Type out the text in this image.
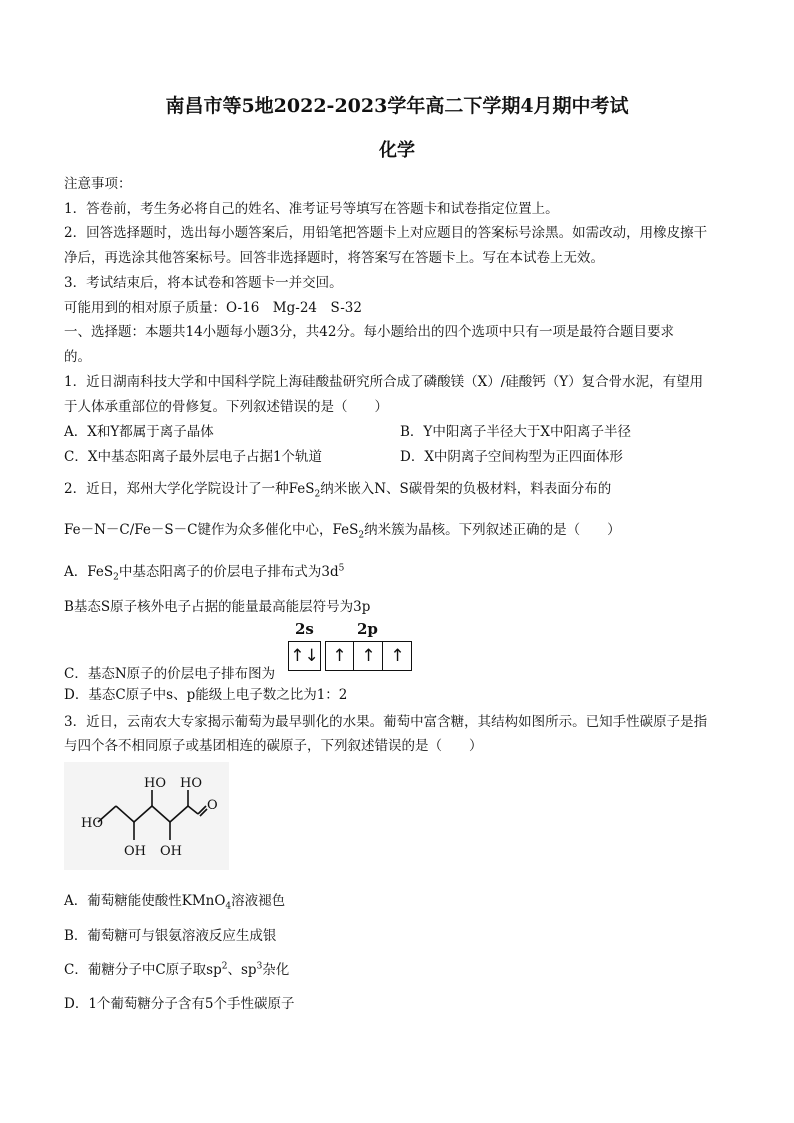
南昌市等5地2022-2023学年高二下学期4月期中考试
化学
注意事项：
1．答卷前，考生务必将自己的姓名、准考证号等填写在答题卡和试卷指定位置上。
2．回答选择题时，选出每小题答案后，用铅笔把答题卡上对应题目的答案标号涂黑。如需改动，用橡皮擦干
净后，再选涂其他答案标号。回答非选择题时，将答案写在答题卡上。写在本试卷上无效。
3．考试结束后，将本试卷和答题卡一并交回。
可能用到的相对原子质量：O-16　Mg-24　S-32
一、选择题：本题共14小题每小题3分，共42分。每小题给出的四个选项中只有一项是最符合题目要求
的。
1．近日湖南科技大学和中国科学院上海硅酸盐研究所合成了磷酸镁（X）/硅酸钙（Y）复合骨水泥，有望用
于人体承重部位的骨修复。下列叙述错误的是（　　）
A．X和Y都属于离子晶体	B．Y中阳离子半径大于X中阳离子半径
C．X中基态阳离子最外层电子占据1个轨道	D．X中阴离子空间构型为正四面体形
2．近日，郑州大学化学院设计了一种FeS$_2$纳米嵌入N、S碳骨架的负极材料，料表面分布的
Fe－N－C/Fe－S－C键作为众多催化中心，FeS$_2$纳米簇为晶核。下列叙述正确的是（　　）
A．FeS$_2$中基态阳离子的价层电子排布式为$3d^5$
B基态S原子核外电子占据的能量最高能层符号为3p
2s	2p
↑↓ ↑ ↑ ↑
C．基态N原子的价层电子排布图为
D．基态C原子中s、p能级上电子数之比为1：2
3．近日，云南农大专家揭示葡萄为最早驯化的水果。葡萄中富含糖，其结构如图所示。已知手性碳原子是指
与四个各不相同原子或基团相连的碳原子，下列叙述错误的是（　　）
HO
HO HO
OH OH
O
A．葡萄糖能使酸性KMnO$_4$溶液褪色
B．葡萄糖可与银氨溶液反应生成银
C．葡糖分子中C原子取$sp^2$、$sp^3$杂化
D．1个葡萄糖分子含有5个手性碳原子
